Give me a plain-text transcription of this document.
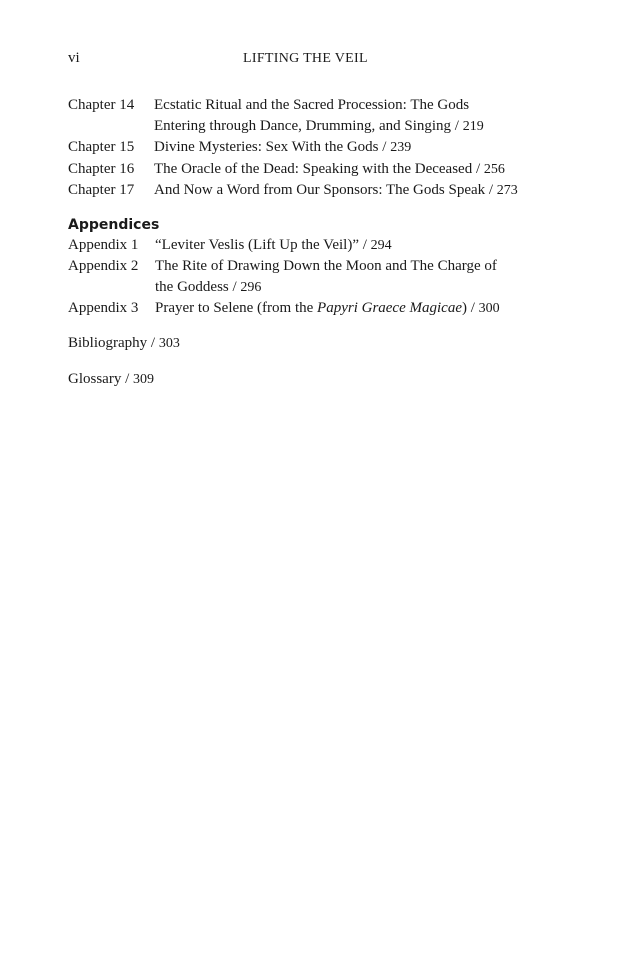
vi	LIFTING THE VEIL
Chapter 14	Ecstatic Ritual and the Sacred Procession: The Gods
Entering through Dance, Drumming, and Singing / 219
Chapter 15	Divine Mysteries: Sex With the Gods / 239
Chapter 16	The Oracle of the Dead: Speaking with the Deceased / 256
Chapter 17	And Now a Word from Our Sponsors: The Gods Speak / 273
Appendices
Appendix 1	“Leviter Veslis (Lift Up the Veil)” / 294
Appendix 2	The Rite of Drawing Down the Moon and The Charge of
the Goddess / 296
Appendix 3	Prayer to Selene (from the Papyri Graece Magicae) / 300
Bibliography / 303
Glossary / 309
